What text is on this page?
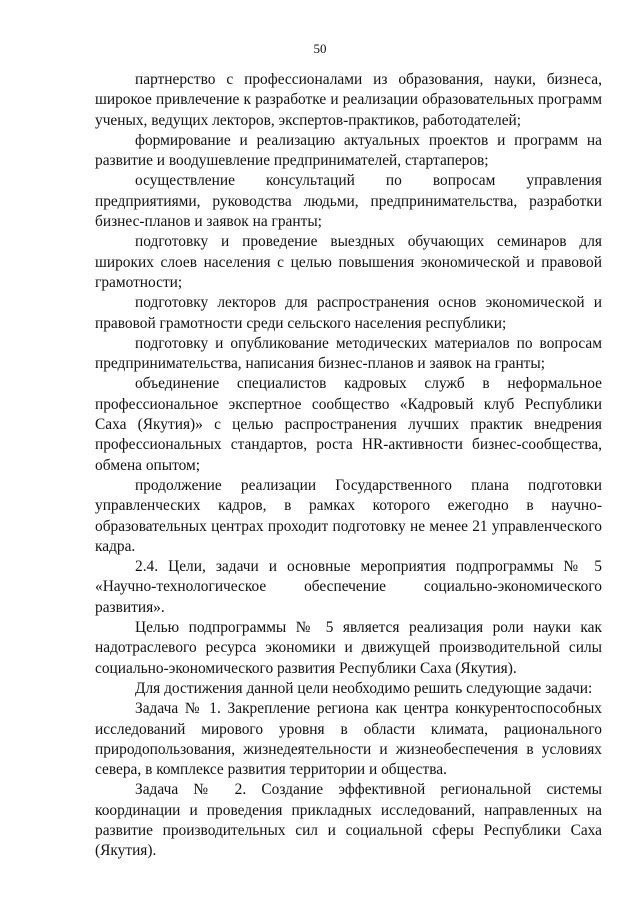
50

партнерство с профессионалами из образования, науки, бизнеса, широкое привлечение к разработке и реализации образовательных программ ученых, ведущих лекторов, экспертов-практиков, работодателей;

формирование и реализацию актуальных проектов и программ на развитие и воодушевление предпринимателей, стартаперов;

осуществление консультаций по вопросам управления предприятиями, руководства людьми, предпринимательства, разработки бизнес-планов и заявок на гранты;

подготовку и проведение выездных обучающих семинаров для широких слоев населения с целью повышения экономической и правовой грамотности;

подготовку лекторов для распространения основ экономической и правовой грамотности среди сельского населения республики;

подготовку и опубликование методических материалов по вопросам предпринимательства, написания бизнес-планов и заявок на гранты;

объединение специалистов кадровых служб в неформальное профессиональное экспертное сообщество «Кадровый клуб Республики Саха (Якутия)» с целью распространения лучших практик внедрения профессиональных стандартов, роста HR-активности бизнес-сообщества, обмена опытом;

продолжение реализации Государственного плана подготовки управленческих кадров, в рамках которого ежегодно в научно-образовательных центрах проходит подготовку не менее 21 управленческого кадра.

2.4. Цели, задачи и основные мероприятия подпрограммы № 5 «Научно-технологическое обеспечение социально-экономического развития».

Целью подпрограммы № 5 является реализация роли науки как надотраслевого ресурса экономики и движущей производительной силы социально-экономического развития Республики Саха (Якутия).

Для достижения данной цели необходимо решить следующие задачи:

Задача № 1. Закрепление региона как центра конкурентоспособных исследований мирового уровня в области климата, рационального природопользования, жизнедеятельности и жизнеобеспечения в условиях севера, в комплексе развития территории и общества.

Задача № 2. Создание эффективной региональной системы координации и проведения прикладных исследований, направленных на развитие производительных сил и социальной сферы Республики Саха (Якутия).
